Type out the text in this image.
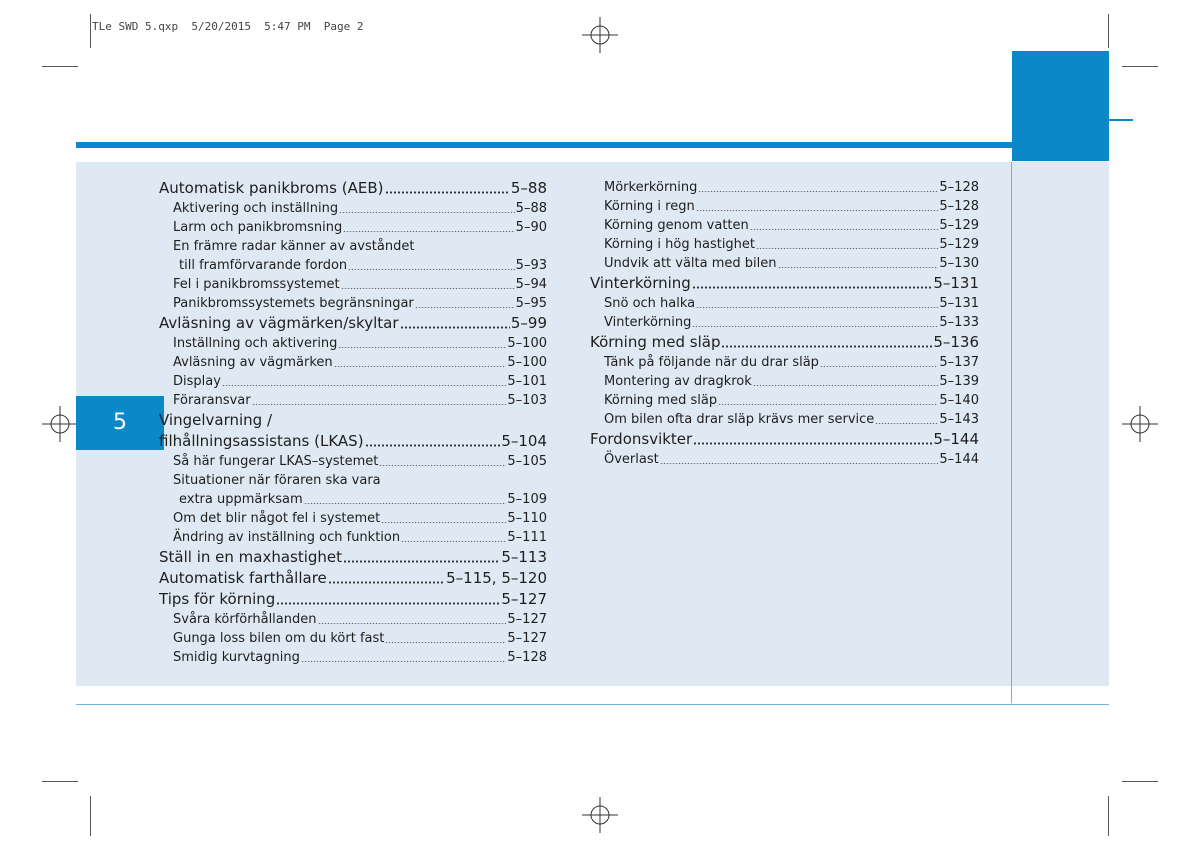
TLe SWD 5.qxp  5/20/2015  5:47 PM  Page 2
5
Automatisk panikbroms (AEB)	5–88
Aktivering och inställning	5–88
Larm och panikbromsning	5–90
En främre radar känner av avståndet
till framförvarande fordon	5–93
Fel i panikbromssystemet	5–94
Panikbromssystemets begränsningar	5–95
Avläsning av vägmärken/skyltar	5–99
Inställning och aktivering	5–100
Avläsning av vägmärken	5–100
Display	5–101
Föraransvar	5–103
Vingelvarning /
filhållningsassistans (LKAS)	5–104
Så här fungerar LKAS–systemet	5–105
Situationer när föraren ska vara
extra uppmärksam	5–109
Om det blir något fel i systemet	5–110
Ändring av inställning och funktion	5–111
Ställ in en maxhastighet	5–113
Automatisk farthållare	5–115, 5–120
Tips för körning	5–127
Svåra körförhållanden	5–127
Gunga loss bilen om du kört fast	5–127
Smidig kurvtagning	5–128
Mörkerkörning	5–128
Körning i regn	5–128
Körning genom vatten	5–129
Körning i hög hastighet	5–129
Undvik att välta med bilen	5–130
Vinterkörning	5–131
Snö och halka	5–131
Vinterkörning	5–133
Körning med släp	5–136
Tänk på följande när du drar släp	5–137
Montering av dragkrok	5–139
Körning med släp	5–140
Om bilen ofta drar släp krävs mer service	5–143
Fordonsvikter	5–144
Överlast	5–144
